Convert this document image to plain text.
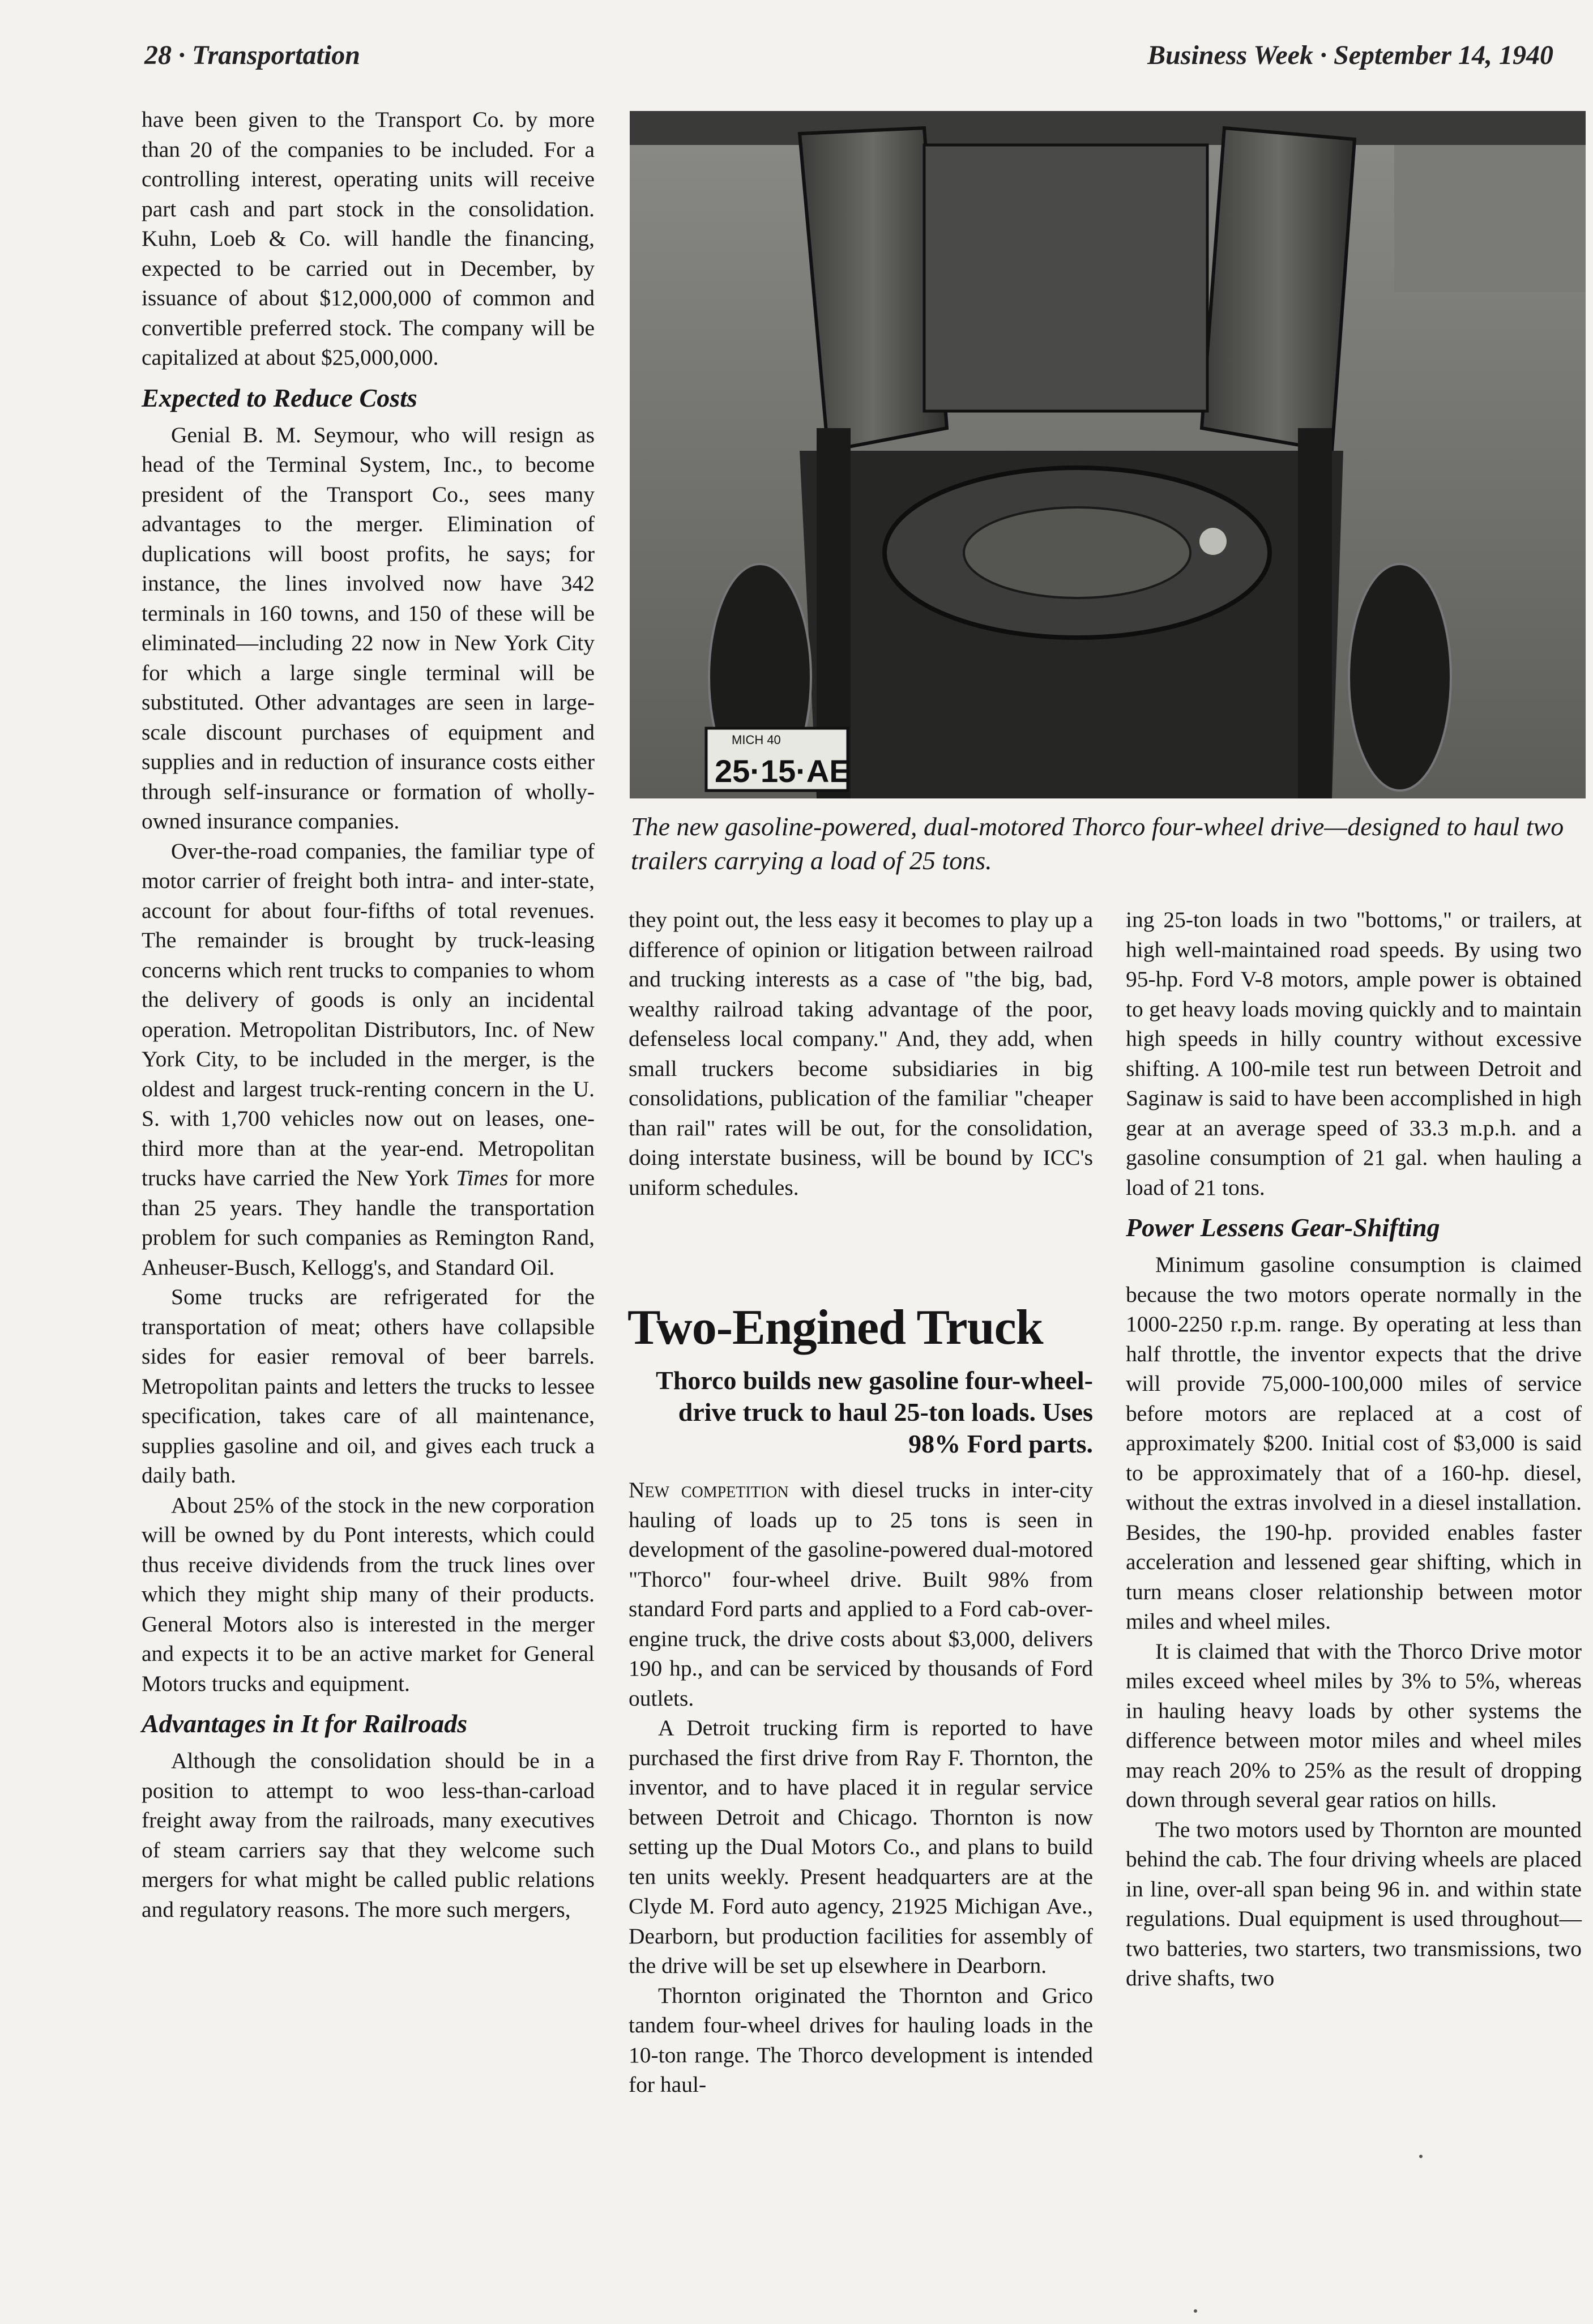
28 · Transportation	Business Week · September 14, 1940

have been given to the Transport Co. by more than 20 of the companies to be included. For a controlling interest, operating units will receive part cash and part stock in the consolidation. Kuhn, Loeb & Co. will handle the financing, expected to be carried out in December, by issuance of about $12,000,000 of common and convertible preferred stock. The company will be capitalized at about $25,000,000.

Expected to Reduce Costs

Genial B. M. Seymour, who will resign as head of the Terminal System, Inc., to become president of the Transport Co., sees many advantages to the merger. Elimination of duplications will boost profits, he says; for instance, the lines involved now have 342 terminals in 160 towns, and 150 of these will be eliminated—including 22 now in New York City for which a large single terminal will be substituted. Other advantages are seen in large-scale discount purchases of equipment and supplies and in reduction of insurance costs either through self-insurance or formation of wholly-owned insurance companies.

Over-the-road companies, the familiar type of motor carrier of freight both intra- and inter-state, account for about four-fifths of total revenues. The remainder is brought by truck-leasing concerns which rent trucks to companies to whom the delivery of goods is only an incidental operation. Metropolitan Distributors, Inc. of New York City, to be included in the merger, is the oldest and largest truck-renting concern in the U. S. with 1,700 vehicles now out on leases, one-third more than at the year-end. Metropolitan trucks have carried the New York Times for more than 25 years. They handle the transportation problem for such companies as Remington Rand, Anheuser-Busch, Kellogg's, and Standard Oil.

Some trucks are refrigerated for the transportation of meat; others have collapsible sides for easier removal of beer barrels. Metropolitan paints and letters the trucks to lessee specification, takes care of all maintenance, supplies gasoline and oil, and gives each truck a daily bath.

About 25% of the stock in the new corporation will be owned by du Pont interests, which could thus receive dividends from the truck lines over which they might ship many of their products. General Motors also is interested in the merger and expects it to be an active market for General Motors trucks and equipment.

Advantages in It for Railroads

Although the consolidation should be in a position to attempt to woo less-than-carload freight away from the railroads, many executives of steam carriers say that they welcome such mergers for what might be called public relations and regulatory reasons. The more such mergers,

MICH 40
25·15·AE
The new gasoline-powered, dual-motored Thorco four-wheel drive—designed to haul two trailers carrying a load of 25 tons.

they point out, the less easy it becomes to play up a difference of opinion or litigation between railroad and trucking interests as a case of "the big, bad, wealthy railroad taking advantage of the poor, defenseless local company." And, they add, when small truckers become subsidiaries in big consolidations, publication of the familiar "cheaper than rail" rates will be out, for the consolidation, doing interstate business, will be bound by ICC's uniform schedules.

Two-Engined Truck
Thorco builds new gasoline four-wheel-drive truck to haul 25-ton loads. Uses 98% Ford parts.

New competition with diesel trucks in inter-city hauling of loads up to 25 tons is seen in development of the gasoline-powered dual-motored "Thorco" four-wheel drive. Built 98% from standard Ford parts and applied to a Ford cab-over-engine truck, the drive costs about $3,000, delivers 190 hp., and can be serviced by thousands of Ford outlets.

A Detroit trucking firm is reported to have purchased the first drive from Ray F. Thornton, the inventor, and to have placed it in regular service between Detroit and Chicago. Thornton is now setting up the Dual Motors Co., and plans to build ten units weekly. Present headquarters are at the Clyde M. Ford auto agency, 21925 Michigan Ave., Dearborn, but production facilities for assembly of the drive will be set up elsewhere in Dearborn.

Thornton originated the Thornton and Grico tandem four-wheel drives for hauling loads in the 10-ton range. The Thorco development is intended for haul-

ing 25-ton loads in two "bottoms," or trailers, at high well-maintained road speeds. By using two 95-hp. Ford V-8 motors, ample power is obtained to get heavy loads moving quickly and to maintain high speeds in hilly country without excessive shifting. A 100-mile test run between Detroit and Saginaw is said to have been accomplished in high gear at an average speed of 33.3 m.p.h. and a gasoline consumption of 21 gal. when hauling a load of 21 tons.

Power Lessens Gear-Shifting

Minimum gasoline consumption is claimed because the two motors operate normally in the 1000-2250 r.p.m. range. By operating at less than half throttle, the inventor expects that the drive will provide 75,000-100,000 miles of service before motors are replaced at a cost of approximately $200. Initial cost of $3,000 is said to be approximately that of a 160-hp. diesel, without the extras involved in a diesel installation. Besides, the 190-hp. provided enables faster acceleration and lessened gear shifting, which in turn means closer relationship between motor miles and wheel miles.

It is claimed that with the Thorco Drive motor miles exceed wheel miles by 3% to 5%, whereas in hauling heavy loads by other systems the difference between motor miles and wheel miles may reach 20% to 25% as the result of dropping down through several gear ratios on hills.

The two motors used by Thornton are mounted behind the cab. The four driving wheels are placed in line, over-all span being 96 in. and within state regulations. Dual equipment is used throughout—two batteries, two starters, two transmissions, two drive shafts, two
